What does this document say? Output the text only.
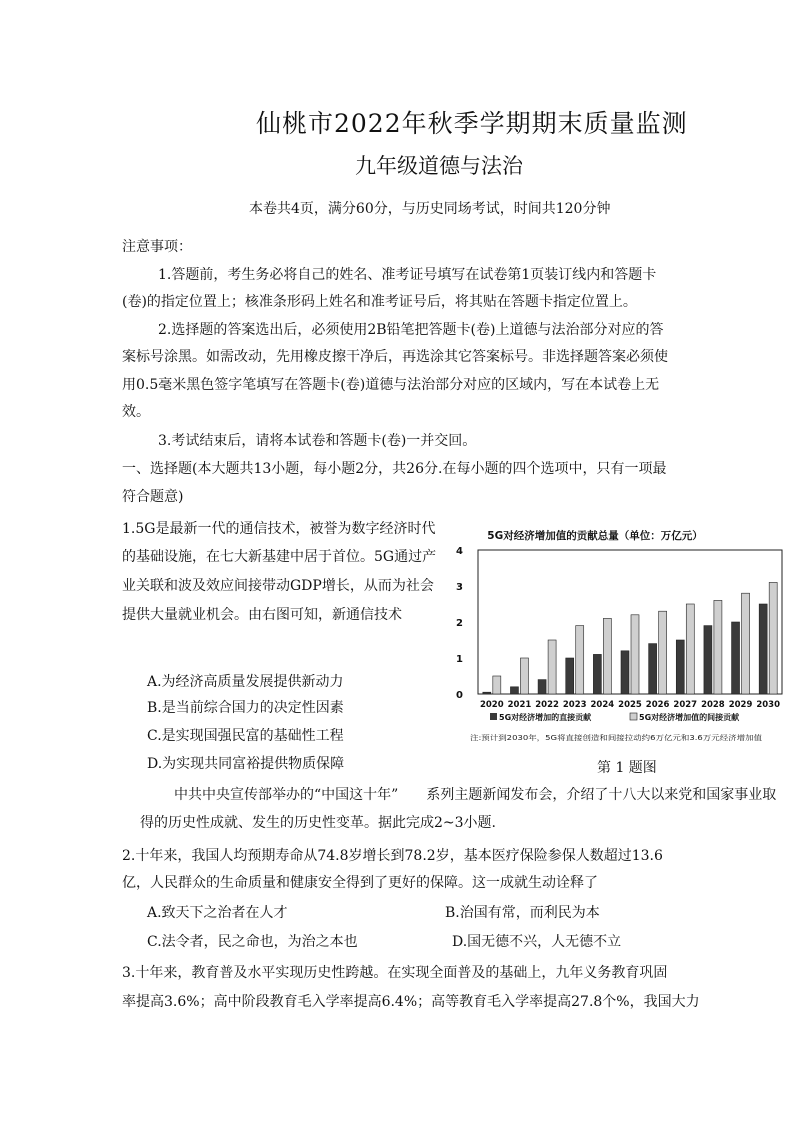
仙桃市2022年秋季学期期末质量监测
九年级道德与法治
本卷共4页，满分60分，与历史同场考试，时间共120分钟
注意事项：
1.答题前，考生务必将自己的姓名、准考证号填写在试卷第1页装订线内和答题卡
(卷)的指定位置上；核准条形码上姓名和准考证号后，将其贴在答题卡指定位置上。
2.选择题的答案选出后，必须使用2B铅笔把答题卡(卷)上道德与法治部分对应的答
案标号涂黑。如需改动，先用橡皮擦干净后，再选涂其它答案标号。非选择题答案必须使
用0.5毫米黑色签字笔填写在答题卡(卷)道德与法治部分对应的区域内，写在本试卷上无
效。
3.考试结束后，请将本试卷和答题卡(卷)一并交回。
一、选择题(本大题共13小题，每小题2分，共26分.在每小题的四个选项中，只有一项最
符合题意)
1.5G是最新一代的通信技术，被誉为数字经济时代
的基础设施，在七大新基建中居于首位。5G通过产
业关联和波及效应间接带动GDP增长，从而为社会
提供大量就业机会。由右图可知，新通信技术
A.为经济高质量发展提供新动力
B.是当前综合国力的决定性因素
C.是实现国强民富的基础性工程
D.为实现共同富裕提供物质保障
5G对经济增加值的贡献总量（单位：万亿元）
0
1
2
3
4
2020 2021 2022 2023 2024 2025 2026 2027 2028 2029 2030
5G对经济增加的直接贡献	5G对经济增加值的间接贡献
注:预计到2030年，5G将直接创造和间接拉动约6万亿元和3.6万元经济增加值
第 1 题图
中共中央宣传部举办的“中国这十年”　　系列主题新闻发布会，介绍了十八大以来党和国家事业取
得的历史性成就、发生的历史性变革。据此完成2~3小题.
2.十年来，我国人均预期寿命从74.8岁增长到78.2岁，基本医疗保险参保人数超过13.6
亿，人民群众的生命质量和健康安全得到了更好的保障。这一成就生动诠释了
A.致天下之治者在人才	B.治国有常，而利民为本
C.法令者，民之命也，为治之本也	D.国无德不兴，人无德不立
3.十年来，教育普及水平实现历史性跨越。在实现全面普及的基础上，九年义务教育巩固
率提高3.6%；高中阶段教育毛入学率提高6.4%；高等教育毛入学率提高27.8个%，我国大力
